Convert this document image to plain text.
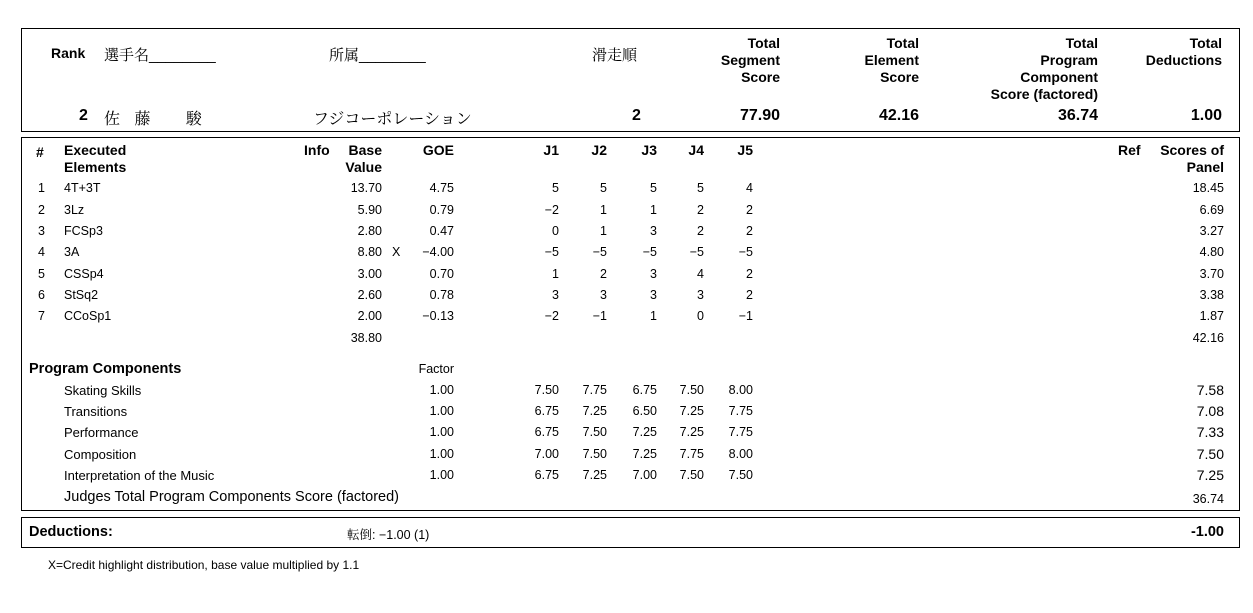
Rank 選手名________	所属________	滑走順
Total
Segment
Score
Total
Element
Score
Total
Program
Component
Score (factored)
Total
Deductions
2 佐 藤　 駿	フジコーポレーション	2	77.90	42.16	36.74	1.00
# Executed
Elements
Info	Base
Value
GOE	J1	J2	J3	J4	J5	Ref	Scores of
Panel
1 4T+3T	13.70	4.75	5	5	5	5	4	18.45
2 3Lz	5.90	0.79	−2	1	1	2	2	6.69
3 FCSp3	2.80	0.47	0	1	3	2	2	3.27
4 3A	8.80 X	−4.00	−5	−5	−5	−5	−5	4.80
5 CSSp4	3.00	0.70	1	2	3	4	2	3.70
6 StSq2	2.60	0.78	3	3	3	3	2	3.38
7 CCoSp1	2.00	−0.13	−2	−1	1	0	−1	1.87
38.80	42.16
Program Components	Factor
Skating Skills	1.00	7.50	7.75	6.75	7.50	8.00	7.58
Transitions	1.00	6.75	7.25	6.50	7.25	7.75	7.08
Performance	1.00	6.75	7.50	7.25	7.25	7.75	7.33
Composition	1.00	7.00	7.50	7.25	7.75	8.00	7.50
Interpretation of the Music	1.00	6.75	7.25	7.00	7.50	7.50	7.25
Judges Total Program Components Score (factored)	36.74
Deductions:	転倒: −1.00 (1)	-1.00
X=Credit highlight distribution, base value multiplied by 1.1
